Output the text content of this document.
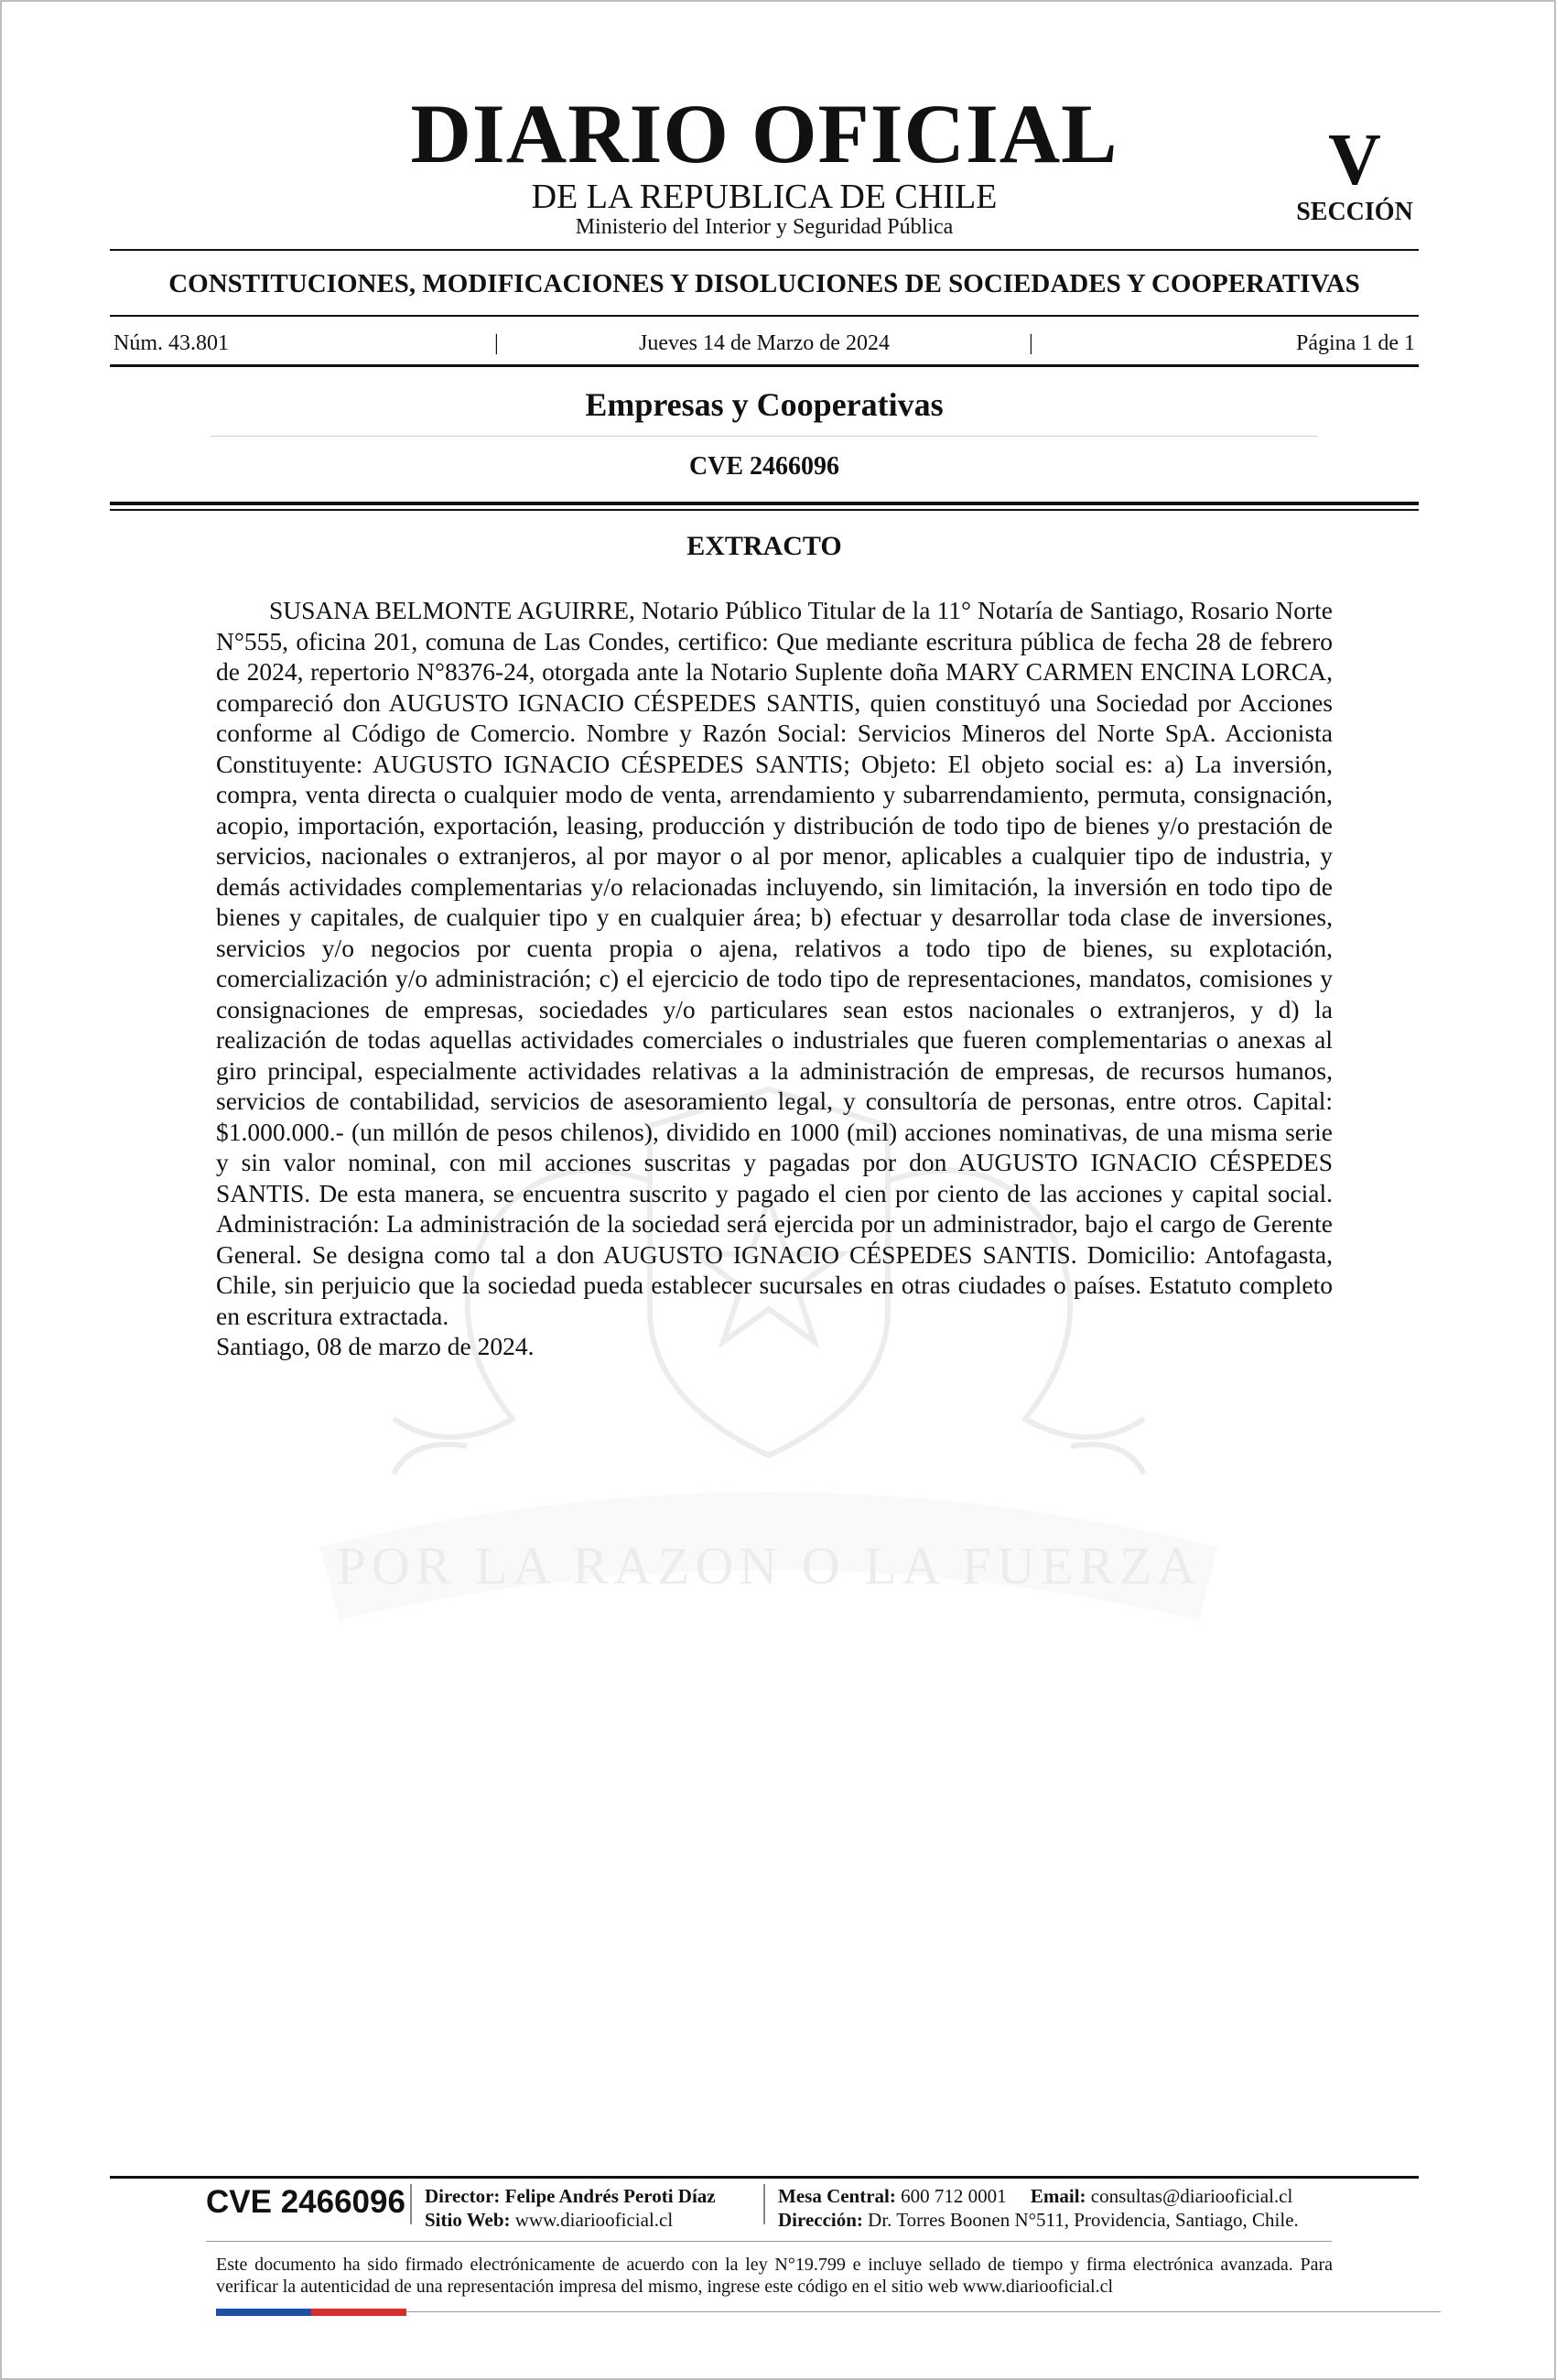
DIARIO OFICIAL
DE LA REPUBLICA DE CHILE
Ministerio del Interior y Seguridad Pública
V
SECCIÓN
CONSTITUCIONES, MODIFICACIONES Y DISOLUCIONES DE SOCIEDADES Y COOPERATIVAS
Núm. 43.801	|	Jueves 14 de Marzo de 2024	|	Página 1 de 1
Empresas y Cooperativas
CVE 2466096
POR LA RAZON O LA FUERZA
EXTRACTO

SUSANA BELMONTE AGUIRRE, Notario Público Titular de la 11° Notaría de Santiago, Rosario Norte N°555, oficina 201, comuna de Las Condes, certifico: Que mediante escritura pública de fecha 28 de febrero de 2024, repertorio N°8376-24, otorgada ante la Notario Suplente doña MARY CARMEN ENCINA LORCA, compareció don AUGUSTO IGNACIO CÉSPEDES SANTIS, quien constituyó una Sociedad por Acciones conforme al Código de Comercio. Nombre y Razón Social: Servicios Mineros del Norte SpA. Accionista Constituyente: AUGUSTO IGNACIO CÉSPEDES SANTIS; Objeto: El objeto social es: a) La inversión, compra, venta directa o cualquier modo de venta, arrendamiento y subarrendamiento, permuta, consignación, acopio, importación, exportación, leasing, producción y distribución de todo tipo de bienes y/o prestación de servicios, nacionales o extranjeros, al por mayor o al por menor, aplicables a cualquier tipo de industria, y demás actividades complementarias y/o relacionadas incluyendo, sin limitación, la inversión en todo tipo de bienes y capitales, de cualquier tipo y en cualquier área; b) efectuar y desarrollar toda clase de inversiones, servicios y/o negocios por cuenta propia o ajena, relativos a todo tipo de bienes, su explotación, comercialización y/o administración; c) el ejercicio de todo tipo de representaciones, mandatos, comisiones y consignaciones de empresas, sociedades y/o particulares sean estos nacionales o extranjeros, y d) la realización de todas aquellas actividades comerciales o industriales que fueren complementarias o anexas al giro principal, especialmente actividades relativas a la administración de empresas, de recursos humanos, servicios de contabilidad, servicios de asesoramiento legal, y consultoría de personas, entre otros. Capital: $1.000.000.- (un millón de pesos chilenos), dividido en 1000 (mil) acciones nominativas, de una misma serie y sin valor nominal, con mil acciones suscritas y pagadas por don AUGUSTO IGNACIO CÉSPEDES SANTIS. De esta manera, se encuentra suscrito y pagado el cien por ciento de las acciones y capital social. Administración: La administración de la sociedad será ejercida por un administrador, bajo el cargo de Gerente General. Se designa como tal a don AUGUSTO IGNACIO CÉSPEDES SANTIS. Domicilio: Antofagasta, Chile, sin perjuicio que la sociedad pueda establecer sucursales en otras ciudades o países. Estatuto completo en escritura extractada.

Santiago, 08 de marzo de 2024.

CVE 2466096 Director: Felipe Andrés Peroti Díaz
Sitio Web: www.diariooficial.cl
Mesa Central: 600 712 0001 Email: consultas@diariooficial.cl
Dirección: Dr. Torres Boonen N°511, Providencia, Santiago, Chile.
Este documento ha sido firmado electrónicamente de acuerdo con la ley N°19.799 e incluye sellado de tiempo y firma electrónica avanzada. Para verificar la autenticidad de una representación impresa del mismo, ingrese este código en el sitio web www.diariooficial.cl
